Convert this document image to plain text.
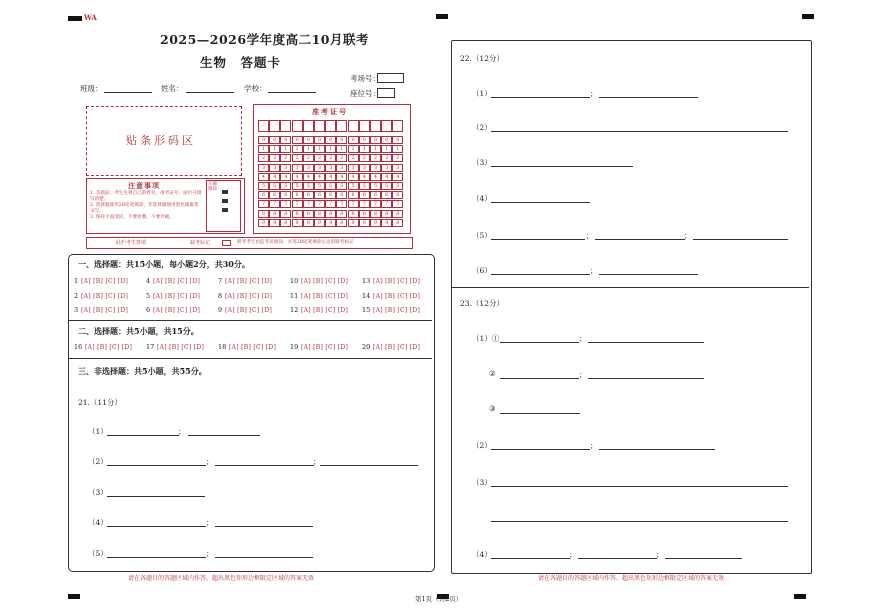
WA
2025—2026学年度高二10月联考
生物　答题卡
班级：	姓名：	学校：
考场号：
座位号：
贴条形码区
准考证号
0	0	0	0	0	0	0	0	0	0	0	0	0
1	1	1	1	1	1	1	1	1	1	1	1	1
2	2	2	2	2	2	2	2	2	2	2	2	2
3	3	3	3	3	3	3	3	3	3	3	3	3
4	4	4	4	4	4	4	4	4	4	4	4	4
5	5	5	5	5	5	5	5	5	5	5	5	5
6	6	6	6	6	6	6	6	6	6	6	6	6
7	7	7	7	7	7	7	7	7	7	7	7	7
8	8	8	8	8	8	8	8	8	8	8	8	8
9	9	9	9	9	9	9	9	9	9	9	9	9
注意事项
1. 答题前，考生先将自己的姓名、准考证号、座位号填写清楚。
2. 选择题使用2B铅笔填涂，非选择题使用黑色碳素笔书写。
3. 保持卡面清洁，不要折叠、不要弄破。
正确填涂
此栏考生禁填	缺考标记	缺考考生由监考员填涂，并用2B铅笔填涂左边的缺考标记
一、选择题：共15小题，每小题2分，共30分。
1 [A] [B] [C] [D]	4 [A] [B] [C] [D]	7 [A] [B] [C] [D]	10 [A] [B] [C] [D] 13 [A] [B] [C] [D]
2 [A] [B] [C] [D]	5 [A] [B] [C] [D]	8 [A] [B] [C] [D]	11 [A] [B] [C] [D] 14 [A] [B] [C] [D]
3 [A] [B] [C] [D]	6 [A] [B] [C] [D]	9 [A] [B] [C] [D]	12 [A] [B] [C] [D] 15 [A] [B] [C] [D]
二、选择题：共5小题，共15分。
16 [A] [B] [C] [D] 17 [A] [B] [C] [D] 18 [A] [B] [C] [D] 19 [A] [B] [C] [D] 20 [A] [B] [C] [D]
三、非选择题：共5小题，共55分。
21.（11分）
（1）	；
（2）	；	；
（3）
（4）	；
（5）	；
请在各题目的答题区域内作答，超出黑色矩形边框限定区域的答案无效
22.（12分）
（1）	；
（2）
（3）
（4）
（5）	；	；
（6）	；
23.（12分）
（1）①	；
②	；
③
（2）	；
（3）
（4）	；	；
请在各题目的答题区域内作答，超出黑色矩形边框限定区域的答案无效
第1页（共2页）
